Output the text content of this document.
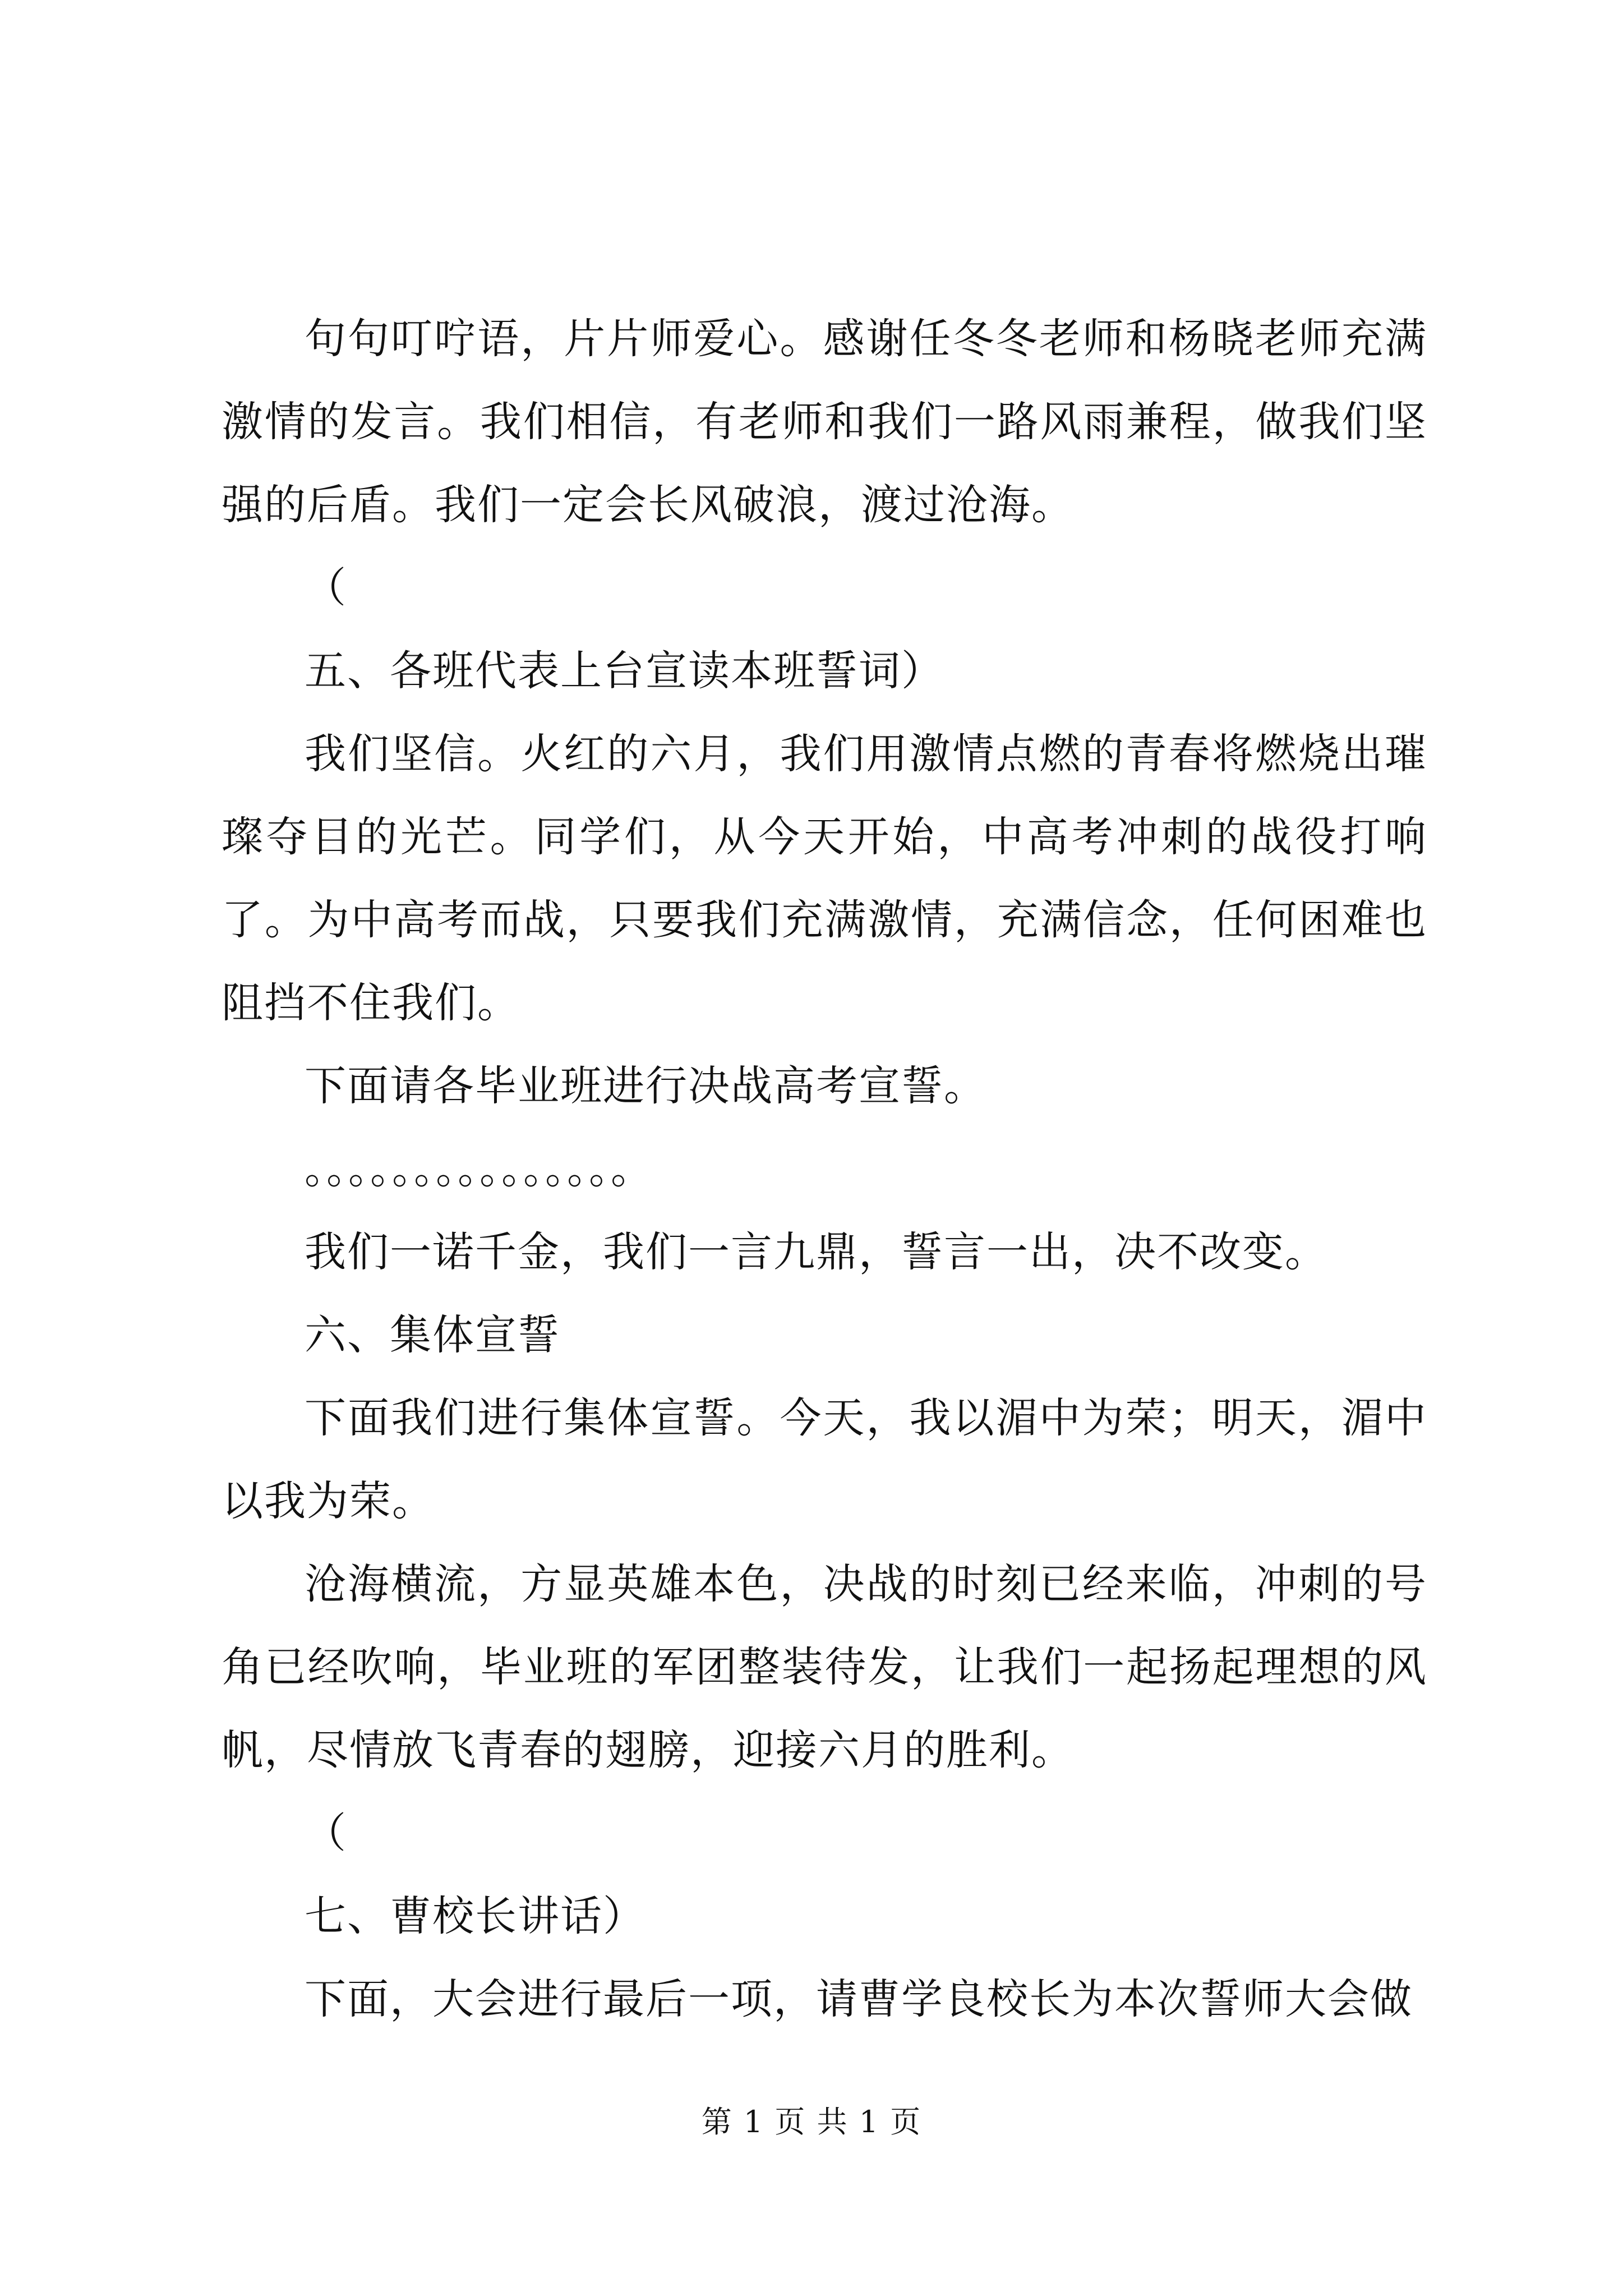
句句叮咛语，片片师爱心。感谢任冬冬老师和杨晓老师充满激情的发言。我们相信，有老师和我们一路风雨兼程，做我们坚强的后盾。我们一定会长风破浪，渡过沧海。

（

五、各班代表上台宣读本班誓词）

我们坚信。火红的六月，我们用激情点燃的青春将燃烧出璀璨夺目的光芒。同学们，从今天开始，中高考冲刺的战役打响了。为中高考而战，只要我们充满激情，充满信念，任何困难也阻挡不住我们。

下面请各毕业班进行决战高考宣誓。

。。。。。。。。。。。。。。。

我们一诺千金，我们一言九鼎，誓言一出，决不改变。

六、集体宣誓

下面我们进行集体宣誓。今天，我以湄中为荣；明天，湄中以我为荣。

沧海横流，方显英雄本色，决战的时刻已经来临，冲刺的号角已经吹响，毕业班的军团整装待发，让我们一起扬起理想的风帆，尽情放飞青春的翅膀，迎接六月的胜利。

（

七、曹校长讲话）

下面，大会进行最后一项，请曹学良校长为本次誓师大会做

第 1 页 共 1 页
